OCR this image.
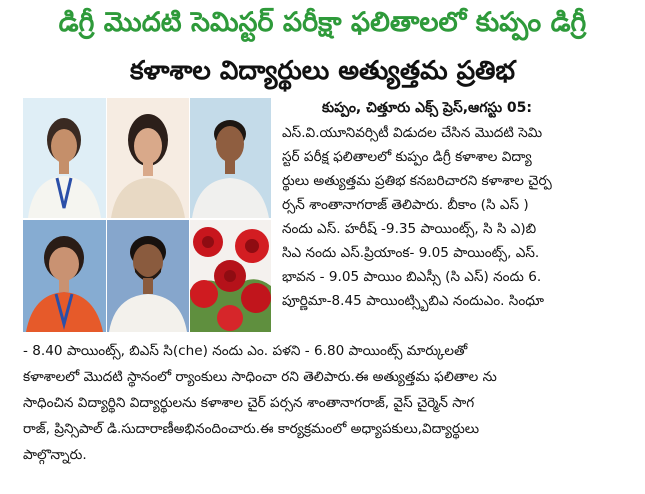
డిగ్రీ మొదటి సెమిస్టర్ పరీక్షా ఫలితాలలో కుప్పం డిగ్రీ
కళాశాల విద్యార్థులు అత్యుత్తమ ప్రతిభ
కుప్పం, చిత్తూరు ఎక్స్ ప్రెస్,ఆగస్టు 05:
ఎస్.వి.యూనివర్సిటీ విడుదల చేసిన మొదటి సెమి
స్టర్ పరీక్ష ఫలితాలలో కుప్పం డిగ్రీ కళాశాల విద్యా
ర్థులు అత్యుత్తమ ప్రతిభ కనబరిచారని కళాశాల చైర్ప
ర్సన్ శాంతానాగరాజ్ తెలిపారు. బీకాం (సి ఎస్ )
నందు ఎస్. హరీష్ -9.35 పాయింట్స్, సి సి ఎ)బి
సిఎ నందు ఎస్.ప్రియాంక- 9.05 పాయింట్స్, ఎస్.
భావన - 9.05 పాయిం బిఎస్సీ (సి ఎస్) నందు 6.
పూర్ణిమా-8.45 పాయింట్స్బిబిఎ నందుఎం. సింధూ
- 8.40 పాయింట్స్, బిఎస్ సి(che) నందు ఎం. పళని - 6.80 పాయింట్స్ మార్కులతో
కళాశాలలో మొదటి స్థానంలో ర్యాంకులు సాధించా రని తెలిపారు.ఈ అత్యుత్తమ ఫలితాల ను
సాధించిన విద్యార్థిని విద్యార్థులను కళాశాల చైర్ పర్సన శాంతానాగరాజ్, వైస్ చైర్మెన్ సాగ
రాజ్, ప్రిన్సిపాల్ డి.సుదారాణీఅభినందించారు.ఈ కార్యక్రమంలో అధ్యాపకులు,విద్యార్థులు
పాల్గొన్నారు.
